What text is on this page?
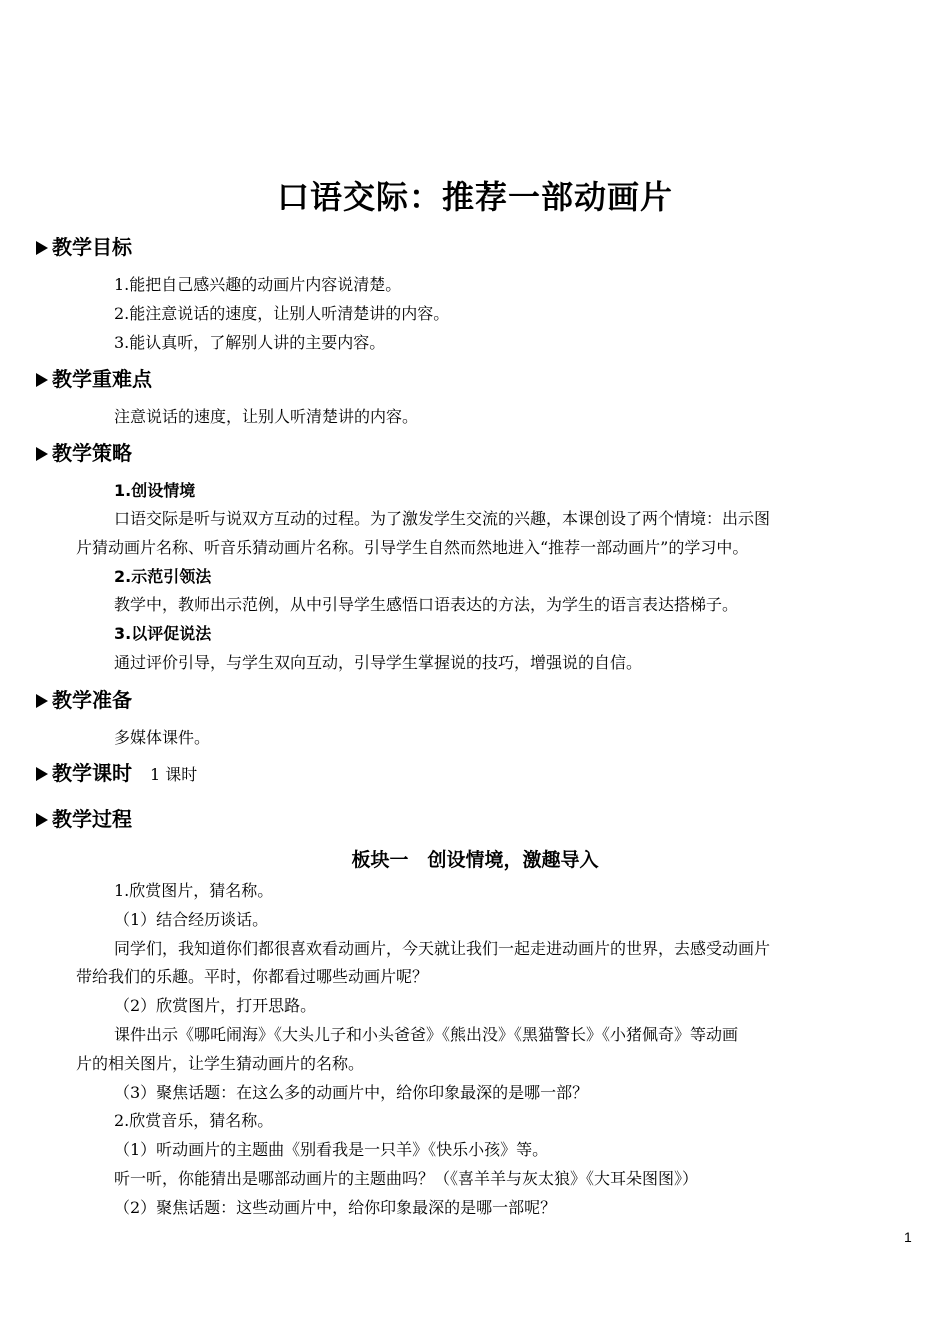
口语交际：推荐一部动画片
教学目标
1.能把自己感兴趣的动画片内容说清楚。
2.能注意说话的速度，让别人听清楚讲的内容。
3.能认真听，了解别人讲的主要内容。
教学重难点
注意说话的速度，让别人听清楚讲的内容。
教学策略
1.创设情境
口语交际是听与说双方互动的过程。为了激发学生交流的兴趣，本课创设了两个情境：出示图
片猜动画片名称、听音乐猜动画片名称。引导学生自然而然地进入“推荐一部动画片”的学习中。
2.示范引领法
教学中，教师出示范例，从中引导学生感悟口语表达的方法，为学生的语言表达搭梯子。
3.以评促说法
通过评价引导，与学生双向互动，引导学生掌握说的技巧，增强说的自信。
教学准备
多媒体课件。
教学课时 1 课时
教学过程
板块一　创设情境，激趣导入
1.欣赏图片，猜名称。
（1）结合经历谈话。
同学们，我知道你们都很喜欢看动画片，今天就让我们一起走进动画片的世界，去感受动画片
带给我们的乐趣。平时，你都看过哪些动画片呢？
（2）欣赏图片，打开思路。
课件出示《哪吒闹海》《大头儿子和小头爸爸》《熊出没》《黑猫警长》《小猪佩奇》等动画
片的相关图片，让学生猜动画片的名称。
（3）聚焦话题：在这么多的动画片中，给你印象最深的是哪一部？
2.欣赏音乐，猜名称。
（1）听动画片的主题曲《别看我是一只羊》《快乐小孩》等。
听一听，你能猜出是哪部动画片的主题曲吗？（《喜羊羊与灰太狼》《大耳朵图图》）
（2）聚焦话题：这些动画片中，给你印象最深的是哪一部呢？
1
